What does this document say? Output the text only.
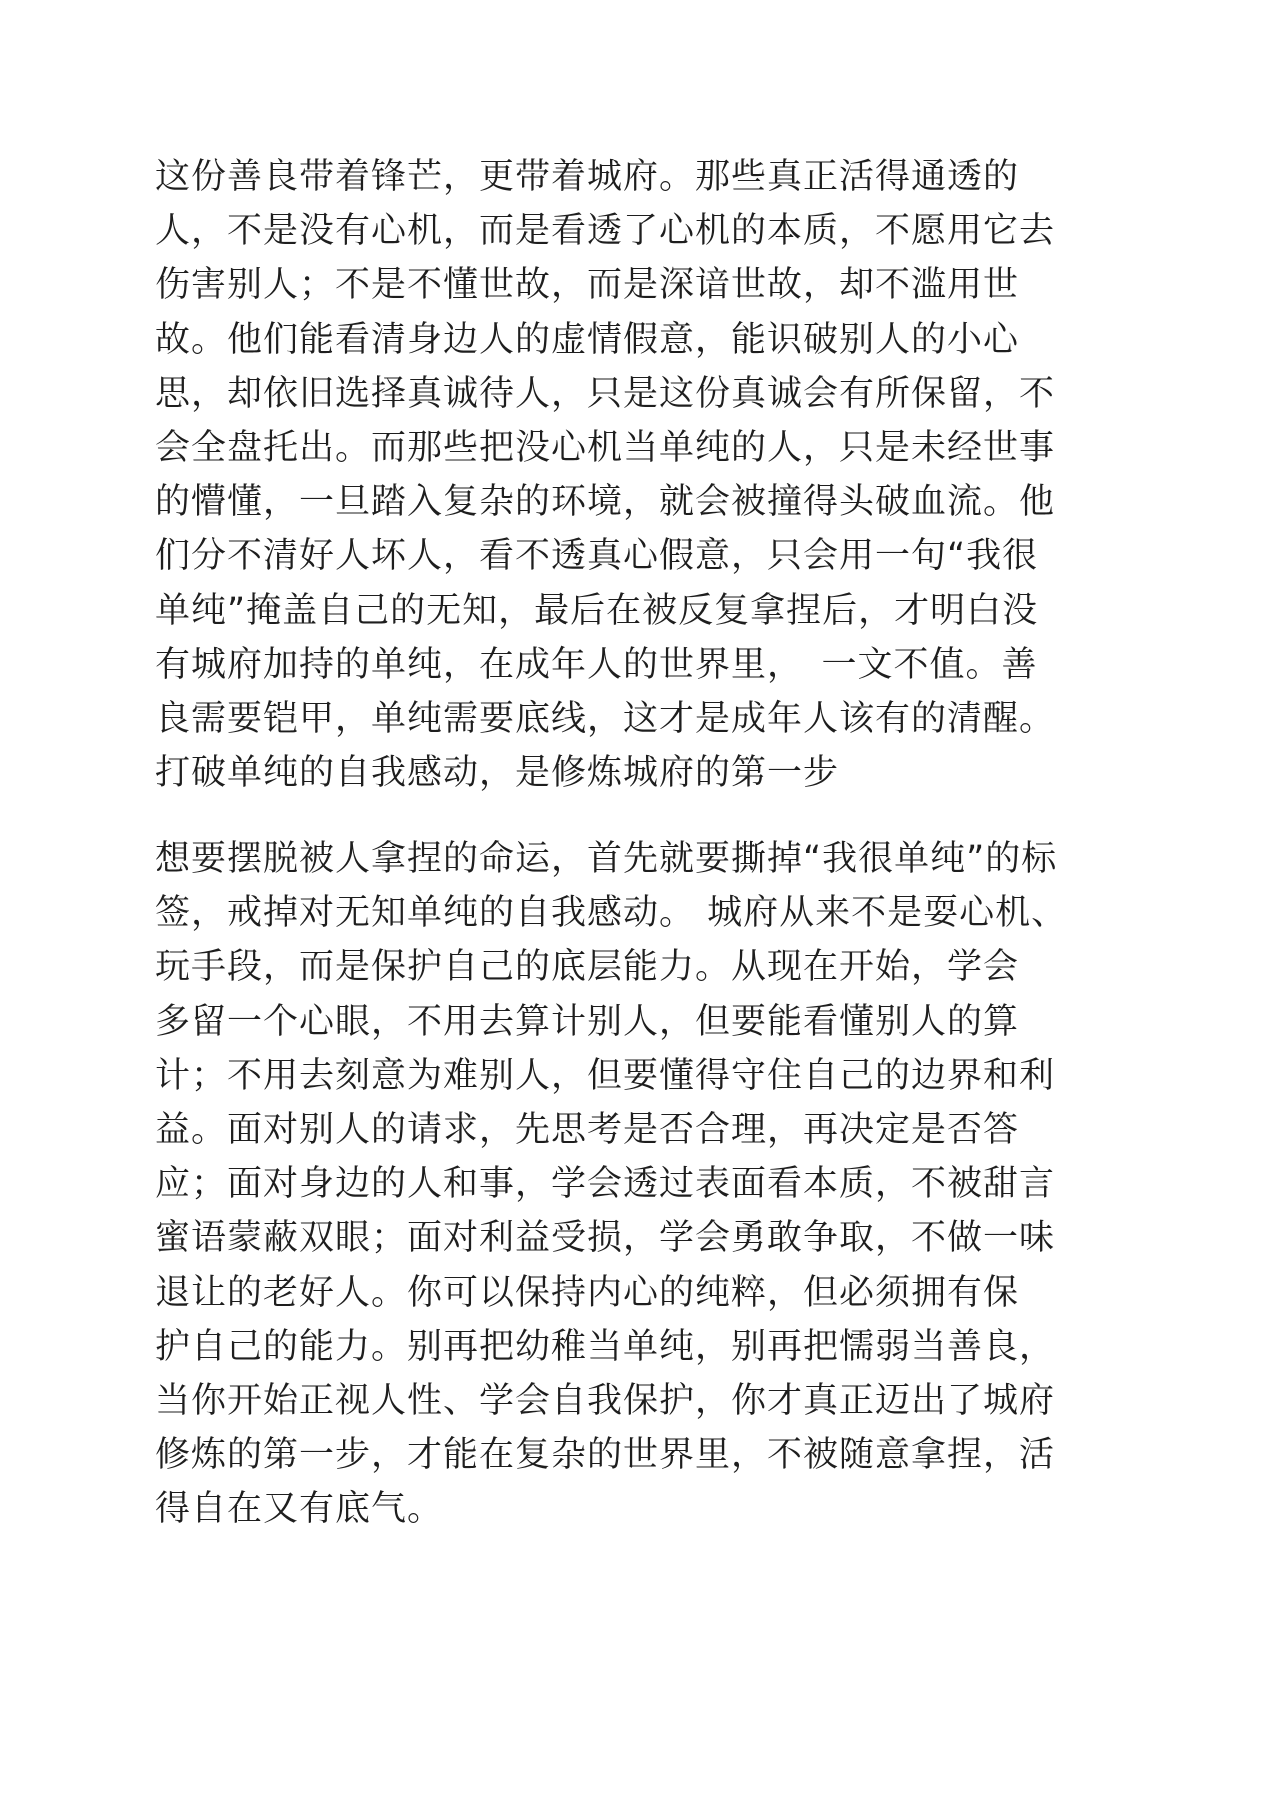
这份善良带着锋芒，更带着城府。那些真正活得通透的
人，不是没有心机，而是看透了心机的本质，不愿用它去
伤害别人；不是不懂世故，而是深谙世故，却不滥用世
故。他们能看清身边人的虚情假意，能识破别人的小心
思，却依旧选择真诚待人，只是这份真诚会有所保留，不
会全盘托出。而那些把没心机当单纯的人，只是未经世事
的懵懂，一旦踏入复杂的环境，就会被撞得头破血流。他
们分不清好人坏人，看不透真心假意，只会用一句“我很
单纯”掩盖自己的无知，最后在被反复拿捏后，才明白没
有城府加持的单纯，在成年人的世界里，　一文不值。善
良需要铠甲，单纯需要底线，这才是成年人该有的清醒。
打破单纯的自我感动，是修炼城府的第一步
想要摆脱被人拿捏的命运，首先就要撕掉“我很单纯”的标
签，戒掉对无知单纯的自我感动。 城府从来不是耍心机、
玩手段，而是保护自己的底层能力。从现在开始，学会
多留一个心眼，不用去算计别人，但要能看懂别人的算
计；不用去刻意为难别人，但要懂得守住自己的边界和利
益。面对别人的请求，先思考是否合理，再决定是否答
应；面对身边的人和事，学会透过表面看本质，不被甜言
蜜语蒙蔽双眼；面对利益受损，学会勇敢争取，不做一味
退让的老好人。你可以保持内心的纯粹，但必须拥有保
护自己的能力。别再把幼稚当单纯，别再把懦弱当善良，
当你开始正视人性、学会自我保护，你才真正迈出了城府
修炼的第一步，才能在复杂的世界里，不被随意拿捏，活
得自在又有底气。
